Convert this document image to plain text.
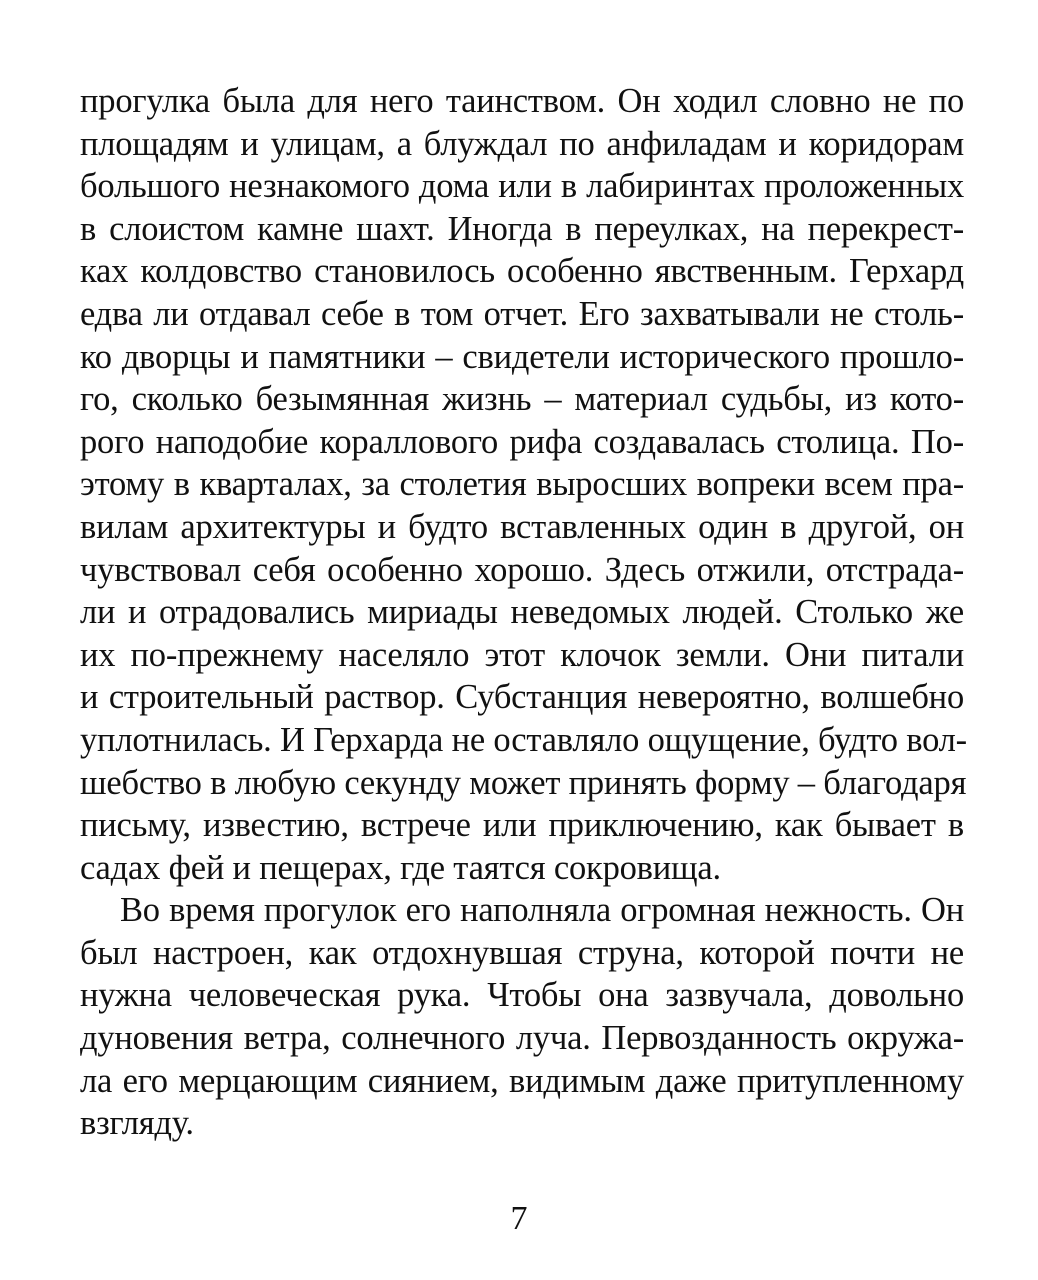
прогулка была для него таинством. Он ходил словно не по
площадям и улицам, а блуждал по анфиладам и коридорам
большого незнакомого дома или в лабиринтах проложенных
в слоистом камне шахт. Иногда в переулках, на перекрест-
ках колдовство становилось особенно явственным. Герхард
едва ли отдавал себе в том отчет. Его захватывали не столь-
ко дворцы и памятники – свидетели исторического прошло-
го, сколько безымянная жизнь – материал судьбы, из кото-
рого наподобие кораллового рифа создавалась столица. По-
этому в кварталах, за столетия выросших вопреки всем пра-
вилам архитектуры и будто вставленных один в другой, он
чувствовал себя особенно хорошо. Здесь отжили, отстрада-
ли и отрадовались мириады неведомых людей. Столько же
их по-прежнему населяло этот клочок земли. Они питали
и строительный раствор. Субстанция невероятно, волшебно
уплотнилась. И Герхарда не оставляло ощущение, будто вол-
шебство в любую секунду может принять форму – благодаря
письму, известию, встрече или приключению, как бывает в
садах фей и пещерах, где таятся сокровища.
Во время прогулок его наполняла огромная нежность. Он
был настроен, как отдохнувшая струна, которой почти не
нужна человеческая рука. Чтобы она зазвучала, довольно
дуновения ветра, солнечного луча. Первозданность окружа-
ла его мерцающим сиянием, видимым даже притупленному
взгляду.
7
